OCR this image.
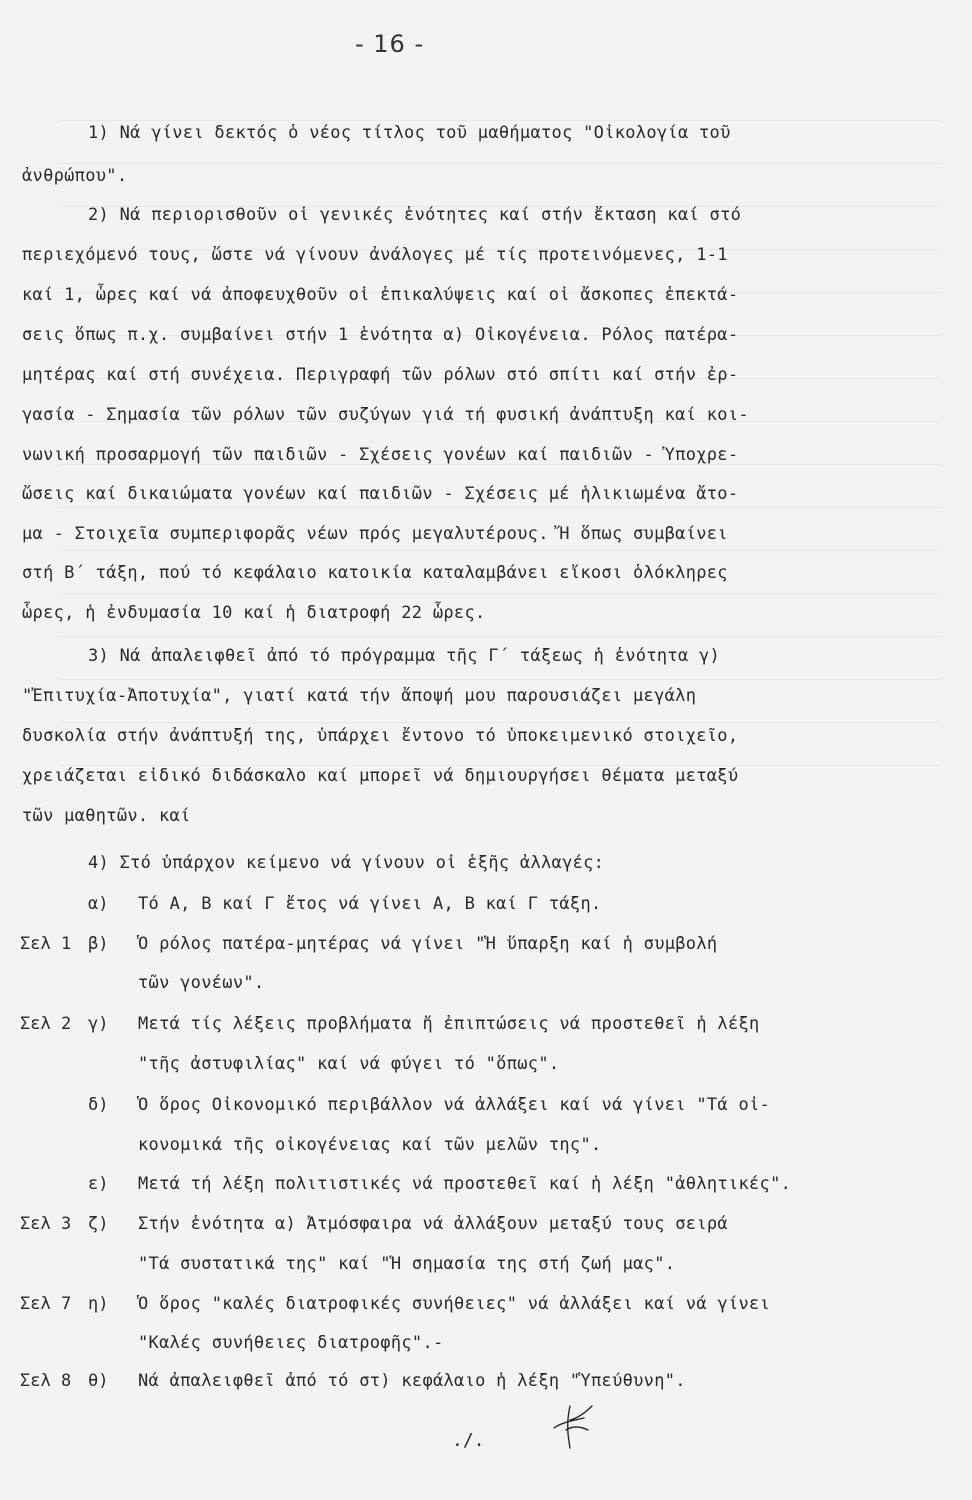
- 16 -
1) Νά γίνει δεκτός ὁ νέος τίτλος τοῦ μαθήματος "Οἰκολογία τοῦ
ἀνθρώπου".
2) Νά περιορισθοῦν οἱ γενικές ἑνότητες καί στήν ἔκταση καί στό
περιεχόμενό τους, ὥστε νά γίνουν ἀνάλογες μέ τίς προτεινόμενες, 1-1
καί 1, ὧρες καί νά ἀποφευχθοῦν οἱ ἐπικαλύψεις καί οἱ ἄσκοπες ἐπεκτά-
σεις ὅπως π.χ. συμβαίνει στήν 1 ἑνότητα α) Οἰκογένεια. Ρόλος πατέρα-
μητέρας καί στή συνέχεια. Περιγραφή τῶν ρόλων στό σπίτι καί στήν ἐρ-
γασία - Σημασία τῶν ρόλων τῶν συζύγων γιά τή φυσική ἀνάπτυξη καί κοι-
νωνική προσαρμογή τῶν παιδιῶν - Σχέσεις γονέων καί παιδιῶν - Ὑποχρε-
ὤσεις καί δικαιώματα γονέων καί παιδιῶν - Σχέσεις μέ ἡλικιωμένα ἄτο-
μα - Στοιχεῖα συμπεριφορᾶς νέων πρός μεγαλυτέρους. Ἤ ὅπως συμβαίνει
στή Β΄ τάξη, πού τό κεφάλαιο κατοικία καταλαμβάνει εἴκοσι ὁλόκληρες
ὧρες, ἡ ἐνδυμασία 10 καί ἡ διατροφή 22 ὧρες.
3) Νά ἀπαλειφθεῖ ἀπό τό πρόγραμμα τῆς Γ΄ τάξεως ἡ ἑνότητα γ)
"Ἐπιτυχία-Ἀποτυχία", γιατί κατά τήν ἄποψή μου παρουσιάζει μεγάλη
δυσκολία στήν ἀνάπτυξή της, ὑπάρχει ἔντονο τό ὑποκειμενικό στοιχεῖο,
χρειάζεται εἰδικό διδάσκαλο καί μπορεῖ νά δημιουργήσει θέματα μεταξύ
τῶν μαθητῶν. καί
4) Στό ὑπάρχον κείμενο νά γίνουν οἱ ἑξῆς ἀλλαγές:
α) Τό Α, Β καί Γ ἔτος νά γίνει Α, Β καί Γ τάξη.
Σελ 1 β) Ὁ ρόλος πατέρα-μητέρας νά γίνει "Ἡ ὕπαρξη καί ἡ συμβολή
τῶν γονέων".
Σελ 2 γ) Μετά τίς λέξεις προβλήματα ἤ ἐπιπτώσεις νά προστεθεῖ ἡ λέξη
"τῆς ἀστυφιλίας" καί νά φύγει τό "ὅπως".
δ) Ὁ ὅρος Οἰκονομικό περιβάλλον νά ἀλλάξει καί νά γίνει "Τά οἰ-
κονομικά τῆς οἰκογένειας καί τῶν μελῶν της".
ε) Μετά τή λέξη πολιτιστικές νά προστεθεῖ καί ἡ λέξη "ἀθλητικές".
Σελ 3 ζ) Στήν ἑνότητα α) Ἀτμόσφαιρα νά ἀλλάξουν μεταξύ τους σειρά
"Τά συστατικά της" καί "Ἡ σημασία της στή ζωή μας".
Σελ 7 η) Ὁ ὅρος "καλές διατροφικές συνήθειες" νά ἀλλάξει καί νά γίνει
"Καλές συνήθειες διατροφῆς".-
Σελ 8 θ) Νά ἀπαλειφθεῖ ἀπό τό στ) κεφάλαιο ἡ λέξη "Ὑπεύθυνη".
./.
